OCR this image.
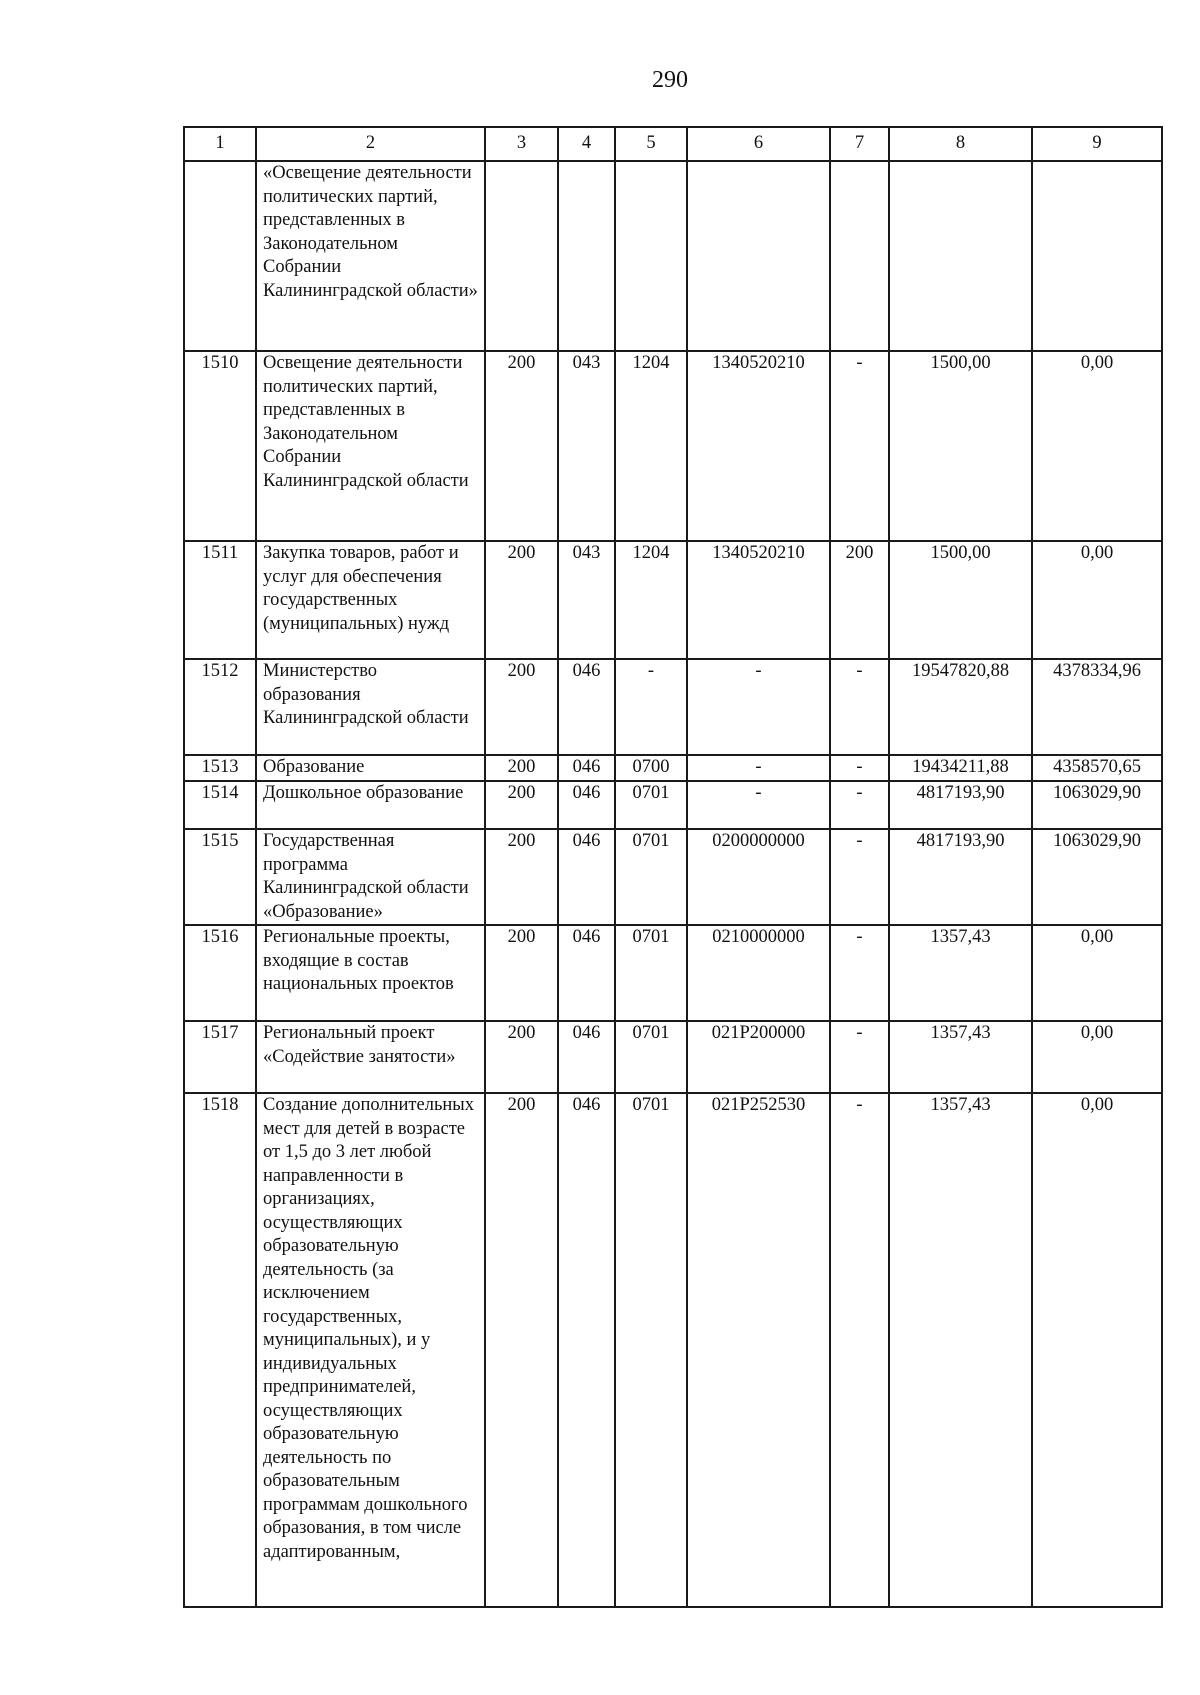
290
1	2	3	4	5	6	7	8	9
	«Освещение деятельности политических партий, представленных в Законодательном Собрании Калининградской области»							
1510	Освещение деятельности политических партий, представленных в Законодательном Собрании Калининградской области	200	043	1204	1340520210	-	1500,00	0,00
1511	Закупка товаров, работ и услуг для обеспечения государственных (муниципальных) нужд	200	043	1204	1340520210	200	1500,00	0,00
1512	Министерство образования Калининградской области	200	046	-	-	-	19547820,88	4378334,96
1513	Образование	200	046	0700	-	-	19434211,88	4358570,65
1514	Дошкольное образование	200	046	0701	-	-	4817193,90	1063029,90
1515	Государственная программа Калининградской области «Образование»	200	046	0701	0200000000	-	4817193,90	1063029,90
1516	Региональные проекты, входящие в состав национальных проектов	200	046	0701	0210000000	-	1357,43	0,00
1517	Региональный проект «Содействие занятости»	200	046	0701	021P200000	-	1357,43	0,00
1518	Создание дополнительных мест для детей в возрасте от 1,5 до 3 лет любой направленности в организациях, осуществляющих образовательную деятельность (за исключением государственных, муниципальных), и у индивидуальных предпринимателей, осуществляющих образовательную деятельность по образовательным программам дошкольного образования, в том числе адаптированным,	200	046	0701	021P252530	-	1357,43	0,00
